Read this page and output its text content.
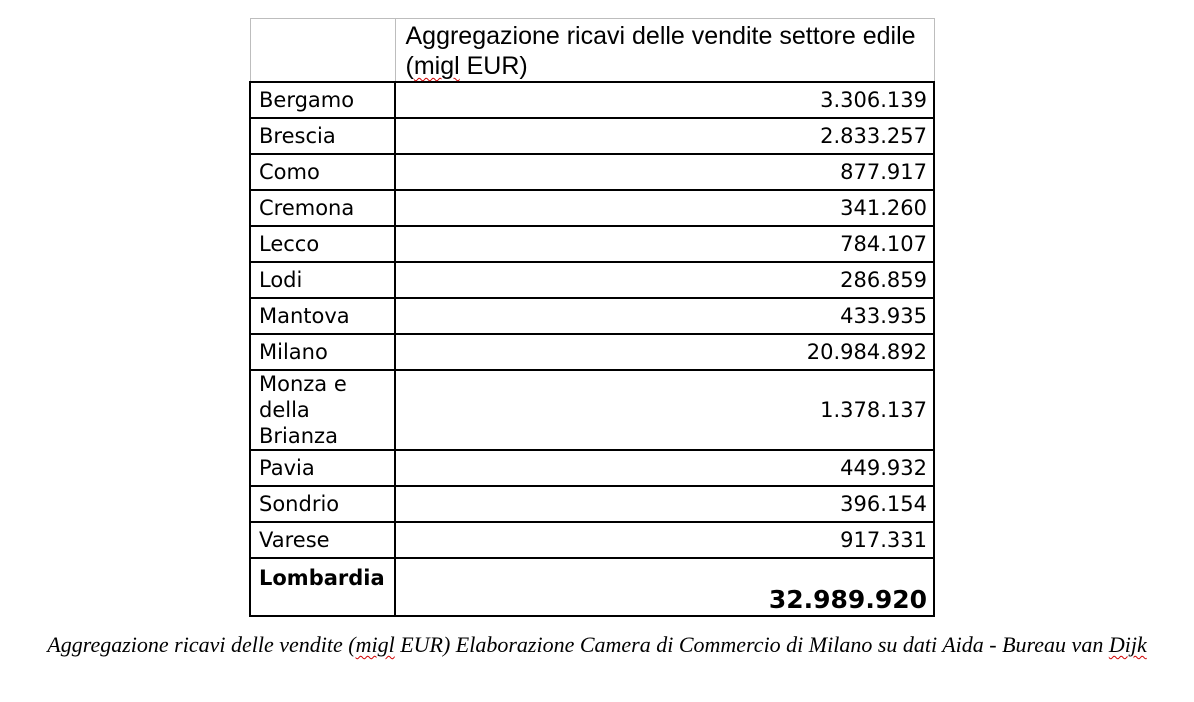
	Aggregazione ricavi delle vendite settore edile (migl EUR)
Bergamo	3.306.139
Brescia	2.833.257
Como	877.917
Cremona	341.260
Lecco	784.107
Lodi	286.859
Mantova	433.935
Milano	20.984.892
Monza e della Brianza	1.378.137
Pavia	449.932
Sondrio	396.154
Varese	917.331
Lombardia	32.989.920
Aggregazione ricavi delle vendite (migl EUR) Elaborazione Camera di Commercio di Milano su dati Aida - Bureau van Dijk
